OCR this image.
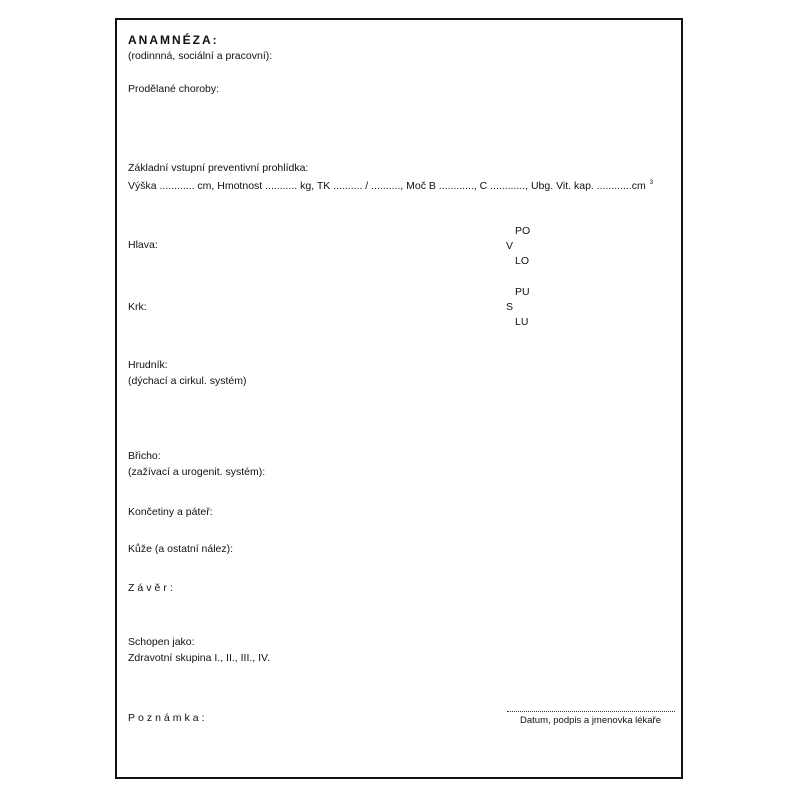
ANAMNÉZA:
(rodinnná, sociální a pracovní):
Prodělané choroby:
Základní vstupní preventivní prohlídka:
Výška ............ cm, Hmotnost ........... kg, TK .......... / .........., Moč B ............, C ............, Ubg. Vit. kap. ............cm $^3$
Hlava:
PO
V
LO
Krk:
PU
S
LU
Hrudník:
(dýchací a cirkul. systém)
Břicho:
(zažívací a urogenit. systém):
Končetiny a páteř:
Kůže (a ostatní nález):
Závěr:
Schopen jako:
Zdravotní skupina I., II., III., IV.
Poznámka:	Datum, podpis a jmenovka lékaře
